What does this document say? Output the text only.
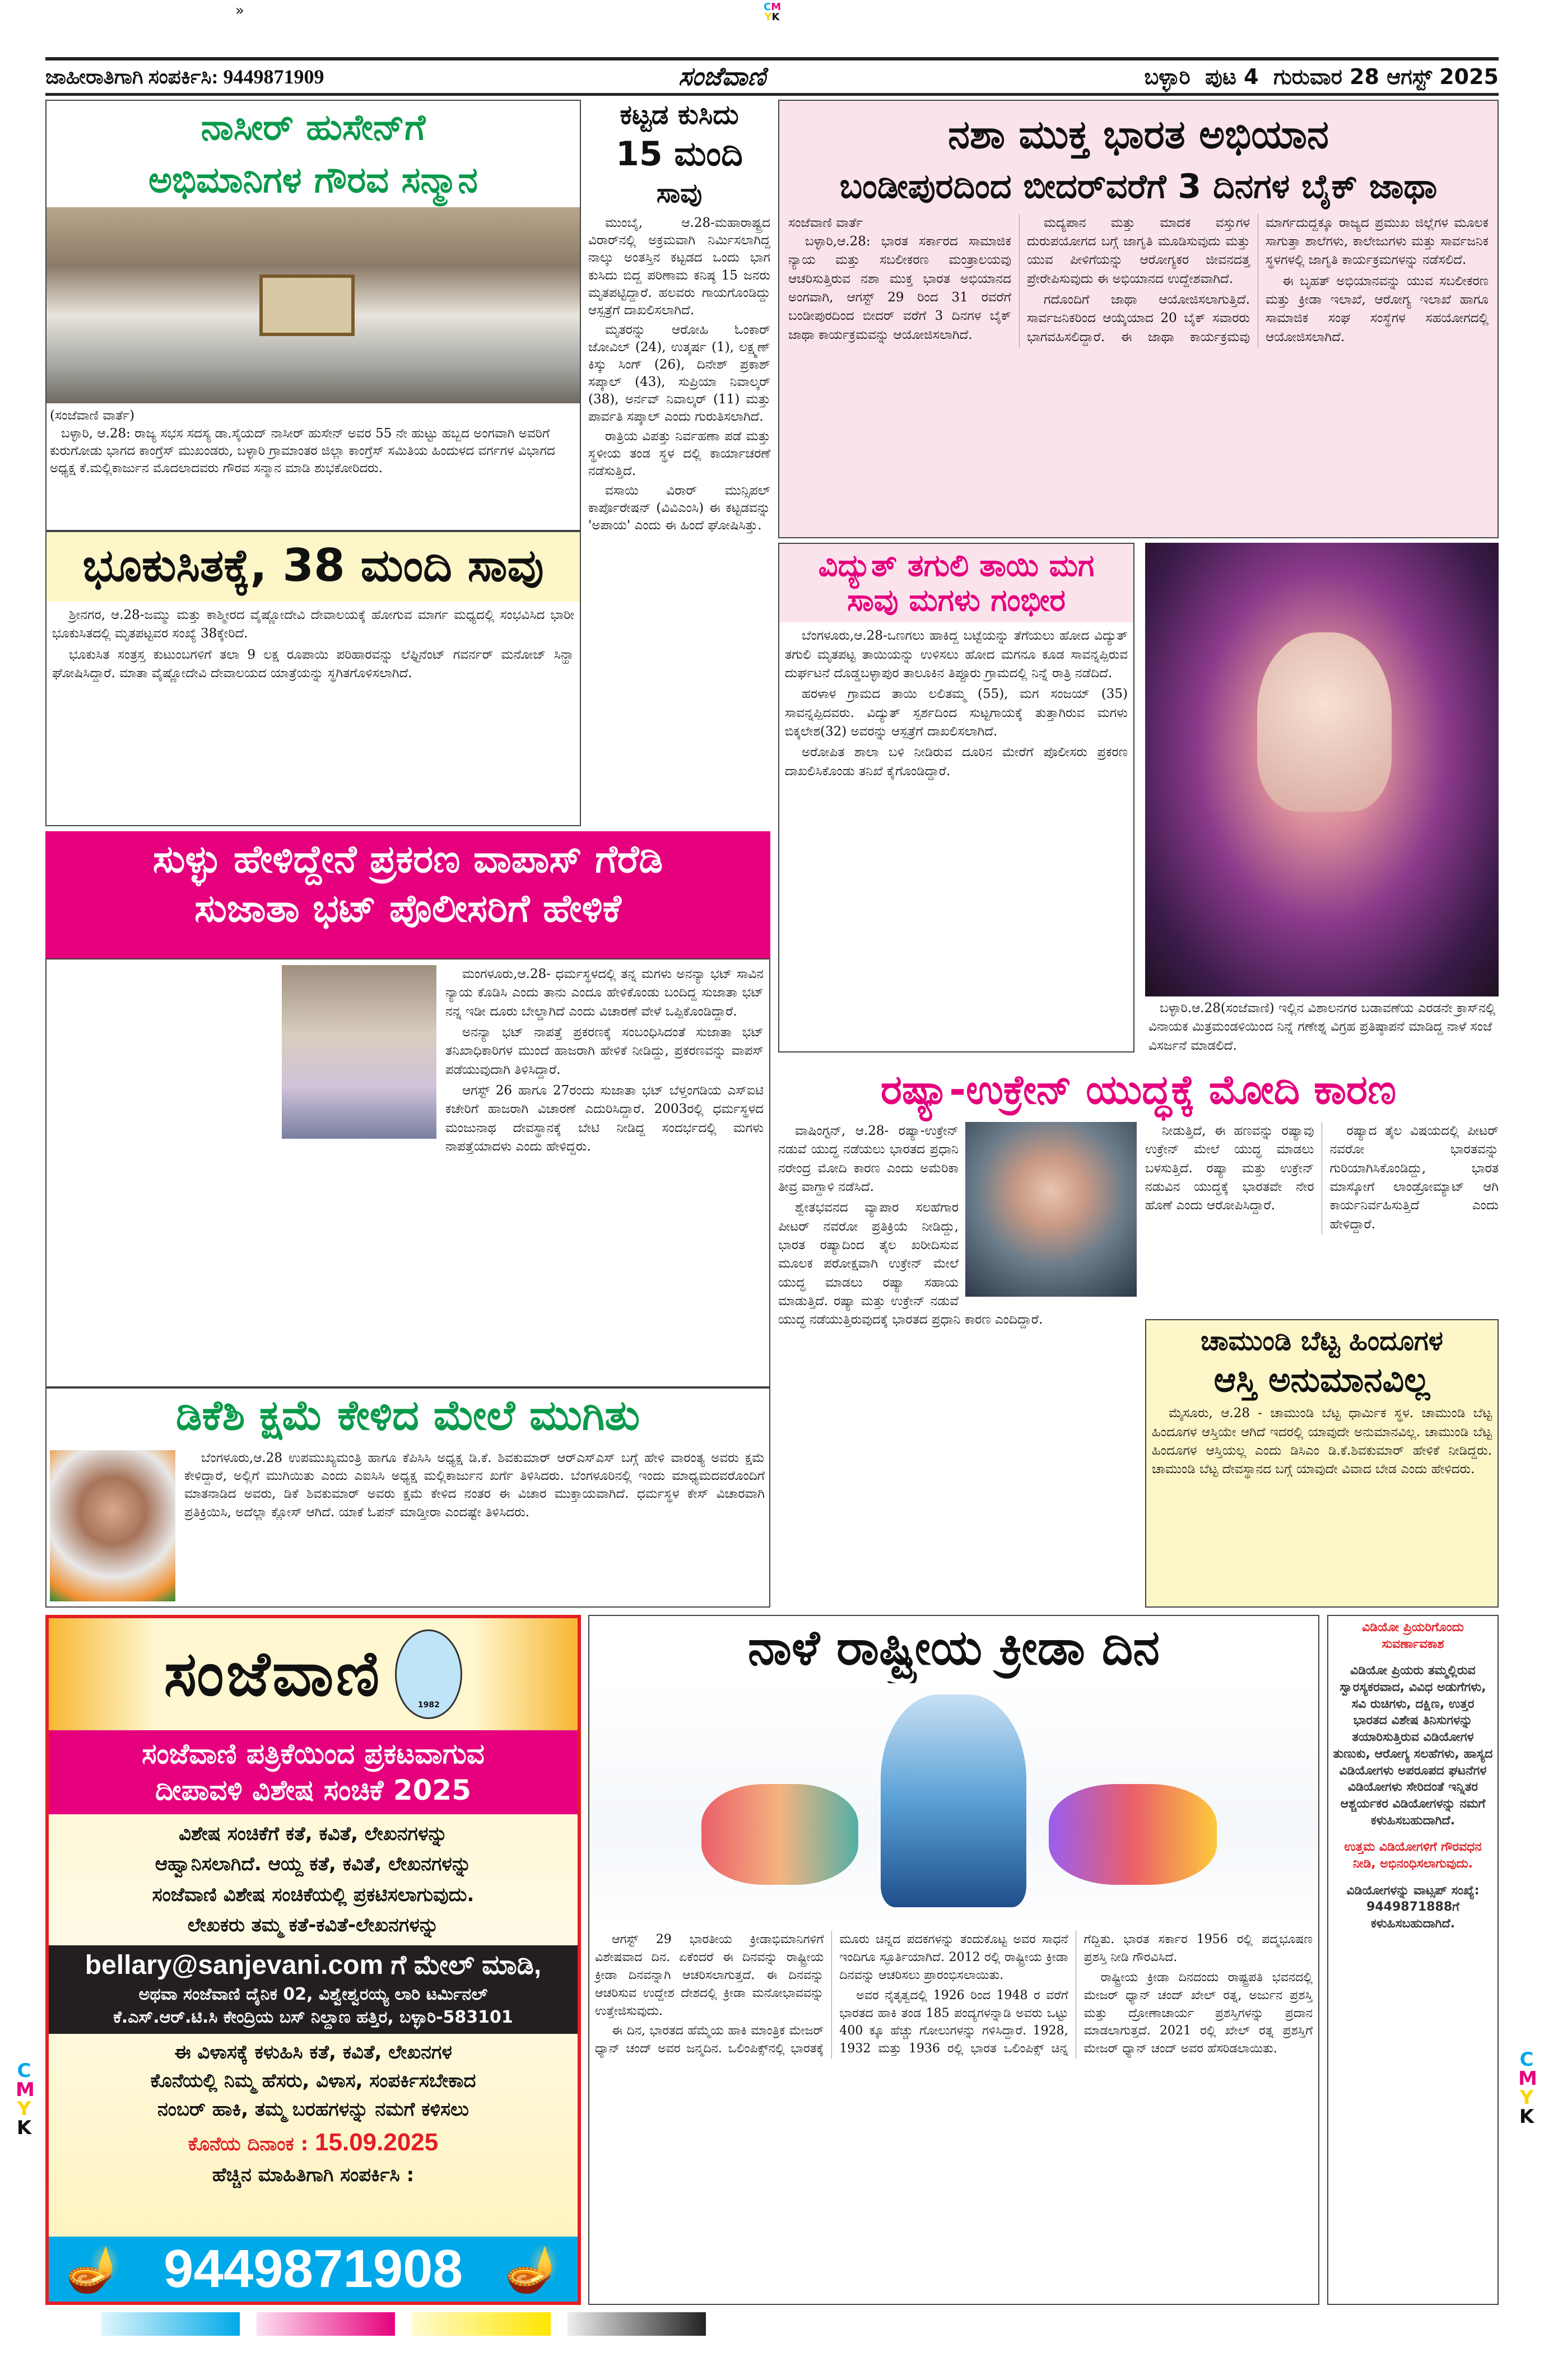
»	CM
YK
C
M
Y
K
C
M
Y
K
ಜಾಹೀರಾತಿಗಾಗಿ ಸಂಪರ್ಕಿಸಿ: 9449871909	ಸಂಜೆವಾಣಿ	ಬಳ್ಳಾರಿ ಪುಟ 4 ಗುರುವಾರ 28 ಆಗಸ್ಟ್ 2025
ನಾಸೀರ್ ಹುಸೇನ್‌ಗೆ
ಅಭಿಮಾನಿಗಳ ಗೌರವ ಸನ್ಮಾನ
(ಸಂಜೆವಾಣಿ ವಾರ್ತೆ)
ಬಳ್ಳಾರಿ, ಆ.28: ರಾಜ್ಯ ಸಭಸ ಸದಸ್ಯ ಡಾ.ಸೈಯದ್ ನಾಸೀರ್ ಹುಸೇನ್ ಅವರ 55 ನೇ ಹುಟ್ಟು ಹಬ್ಬದ ಅಂಗವಾಗಿ ಅವರಿಗೆ ಕುರುಗೋಡು ಭಾಗದ ಕಾಂಗ್ರೆಸ್ ಮುಖಂಡರು, ಬಳ್ಳಾರಿ ಗ್ರಾಮಾಂತರ ಜಿಲ್ಲಾ ಕಾಂಗ್ರೆಸ್ ಸಮಿತಿಯ ಹಿಂದುಳದ ವರ್ಗಗಳ ವಿಭಾಗದ ಅಧ್ಯಕ್ಷ ಕೆ.ಮಲ್ಲಿಕಾರ್ಜುನ ಮೊದಲಾದವರು ಗೌರವ ಸನ್ಮಾನ ಮಾಡಿ ಶುಭಕೋರಿದರು.
ಭೂಕುಸಿತಕ್ಕೆ, 38 ಮಂದಿ ಸಾವು

ಶ್ರೀನಗರ, ಆ.28-ಜಮ್ಮು ಮತ್ತು ಕಾಶ್ಮೀರದ ವೈಷ್ಣೋದೇವಿ ದೇವಾಲಯಕ್ಕೆ ಹೋಗುವ ಮಾರ್ಗ ಮಧ್ಯದಲ್ಲಿ ಸಂಭವಿಸಿದ ಭಾರೀ ಭೂಕುಸಿತದಲ್ಲಿ ಮೃತಪಟ್ಟವರ ಸಂಖ್ಯೆ 38ಕ್ಕೇರಿದೆ.

ಭೂಕುಸಿತ ಸಂತ್ರಸ್ತ ಕುಟುಂಬಗಳಿಗೆ ತಲಾ 9 ಲಕ್ಷ ರೂಪಾಯಿ ಪರಿಹಾರವನ್ನು ಲೆಫ್ಟಿನೆಂಟ್ ಗವರ್ನರ್ ಮನೋಜ್ ಸಿನ್ಹಾ ಘೋಷಿಸಿದ್ದಾರೆ. ಮಾತಾ ವೈಷ್ಣೋದೇವಿ ದೇವಾಲಯದ ಯಾತ್ರೆಯನ್ನು ಸ್ಥಗಿತಗೊಳಿಸಲಾಗಿದೆ.

ಕಟ್ಟಡ ಕುಸಿದು
15 ಮಂದಿ
ಸಾವು

ಮುಂಬೈ, ಆ.28-ಮಹಾರಾಷ್ಟ್ರದ ವಿರಾರ್‌ನಲ್ಲಿ ಅಕ್ರಮವಾಗಿ ನಿರ್ಮಿಸಲಾಗಿದ್ದ ನಾಲ್ಕು ಅಂತಸ್ತಿನ ಕಟ್ಟಡದ ಒಂದು ಭಾಗ ಕುಸಿದು ಬಿದ್ದ ಪರಿಣಾಮ ಕನಿಷ್ಠ 15 ಜನರು ಮೃತಪಟ್ಟಿದ್ದಾರೆ. ಹಲವರು ಗಾಯಗೊಂಡಿದ್ದು ಆಸ್ಪತ್ರೆಗೆ ದಾಖಲಿಸಲಾಗಿದೆ.

ಮೃತರನ್ನು ಆರೋಹಿ ಓಂಕಾರ್ ಜೋವಿಲ್ (24), ಉತ್ಕರ್ಷ (1), ಲಕ್ಷ್ಮಣ್ ಕಿಸ್ಕು ಸಿಂಗ್ (26), ದಿನೇಶ್ ಪ್ರಕಾಶ್ ಸಪ್ಕಾಲ್ (43), ಸುಪ್ರಿಯಾ ನಿವಾಲ್ಕರ್ (38), ಅರ್ನವ್ ನಿವಾಲ್ಕರ್ (11) ಮತ್ತು ಪಾರ್ವತಿ ಸಪ್ಕಾಲ್ ಎಂದು ಗುರುತಿಸಲಾಗಿದೆ.

ರಾತ್ರಿಯ ವಿಪತ್ತು ನಿರ್ವಹಣಾ ಪಡೆ ಮತ್ತು ಸ್ಥಳೀಯ ತಂಡ ಸ್ಥಳ ದಲ್ಲಿ ಕಾರ್ಯಾಚರಣೆ ನಡೆಸುತ್ತಿದೆ.

ವಸಾಯಿ ವಿರಾರ್ ಮುನ್ಸಿಪಲ್ ಕಾರ್ಪೊರೇಷನ್ (ವಿವಿಎಂಸಿ) ಈ ಕಟ್ಟಡವನ್ನು 'ಅಪಾಯ' ಎಂದು ಈ ಹಿಂದೆ ಘೋಷಿಸಿತ್ತು.

ನಶಾ ಮುಕ್ತ ಭಾರತ ಅಭಿಯಾನ
ಬಂಡೀಪುರದಿಂದ ಬೀದರ್‌ವರೆಗೆ 3 ದಿನಗಳ ಬೈಕ್ ಜಾಥಾ
ಸಂಜೆವಾಣಿ ವಾರ್ತೆ

ಬಳ್ಳಾರಿ,ಆ.28: ಭಾರತ ಸರ್ಕಾರದ ಸಾಮಾಜಿಕ ನ್ಯಾಯ ಮತ್ತು ಸಬಲೀಕರಣ ಮಂತ್ರಾಲಯವು ಆಚರಿಸುತ್ತಿರುವ ನಶಾ ಮುಕ್ತ ಭಾರತ ಅಭಿಯಾನದ ಅಂಗವಾಗಿ, ಆಗಸ್ಟ್ 29 ರಿಂದ 31 ರವರೆಗೆ ಬಂಡೀಪುರದಿಂದ ಬೀದರ್ ವರೆಗೆ 3 ದಿನಗಳ ಬೈಕ್ ಜಾಥಾ ಕಾರ್ಯಕ್ರಮವನ್ನು ಆಯೋಜಿಸಲಾಗಿದೆ.

ಮದ್ಯಪಾನ ಮತ್ತು ಮಾದಕ ವಸ್ತುಗಳ ದುರುಪಯೋಗದ ಬಗ್ಗೆ ಜಾಗೃತಿ ಮೂಡಿಸುವುದು ಮತ್ತು ಯುವ ಪೀಳಿಗೆಯನ್ನು ಆರೋಗ್ಯಕರ ಜೀವನದತ್ತ ಪ್ರೇರೇಪಿಸುವುದು ಈ ಅಭಿಯಾನದ ಉದ್ದೇಶವಾಗಿದೆ.

ಗದೊಂದಿಗೆ ಜಾಥಾ ಆಯೋಜಿಸಲಾಗುತ್ತಿದೆ. ಸಾರ್ವಜನಿಕರಿಂದ ಆಯ್ಕೆಯಾದ 20 ಬೈಕ್ ಸವಾರರು ಭಾಗವಹಿಸಲಿದ್ದಾರೆ. ಈ ಜಾಥಾ ಕಾರ್ಯಕ್ರಮವು ಮಾರ್ಗದುದ್ದಕ್ಕೂ ರಾಜ್ಯದ ಪ್ರಮುಖ ಜಿಲ್ಲೆಗಳ ಮೂಲಕ ಸಾಗುತ್ತಾ ಶಾಲೆಗಳು, ಕಾಲೇಜುಗಳು ಮತ್ತು ಸಾರ್ವಜನಿಕ ಸ್ಥಳಗಳಲ್ಲಿ ಜಾಗೃತಿ ಕಾರ್ಯಕ್ರಮಗಳನ್ನು ನಡೆಸಲಿದೆ.

ಈ ಬೃಹತ್ ಅಭಿಯಾನವನ್ನು ಯುವ ಸಬಲೀಕರಣ ಮತ್ತು ಕ್ರೀಡಾ ಇಲಾಖೆ, ಆರೋಗ್ಯ ಇಲಾಖೆ ಹಾಗೂ ಸಾಮಾಜಿಕ ಸಂಘ ಸಂಸ್ಥೆಗಳ ಸಹಯೋಗದಲ್ಲಿ ಆಯೋಜಿಸಲಾಗಿದೆ.

ವಿದ್ಯುತ್ ತಗುಲಿ ತಾಯಿ ಮಗ
ಸಾವು ಮಗಳು ಗಂಭೀರ

ಬೆಂಗಳೂರು,ಆ.28-ಒಣಗಲು ಹಾಕಿದ್ದ ಬಟ್ಟೆಯನ್ನು ತೆಗೆಯಲು ಹೋದ ವಿದ್ಯುತ್ ತಗುಲಿ ಮೃತಪಟ್ಟ ತಾಯಿಯನ್ನು ಉಳಿಸಲು ಹೋದ ಮಗನೂ ಕೂಡ ಸಾವನ್ನಪ್ಪಿರುವ ದುರ್ಘಟನೆ ದೊಡ್ಡಬಳ್ಳಾಪುರ ತಾಲೂಕಿನ ತಿಪ್ಪೂರು ಗ್ರಾಮದಲ್ಲಿ ನಿನ್ನೆ ರಾತ್ರಿ ನಡೆದಿದೆ.

ಹರಳಾಳ ಗ್ರಾಮದ ತಾಯಿ ಲಲಿತಮ್ಮ (55), ಮಗ ಸಂಜಯ್ (35) ಸಾವನ್ನಪ್ಪಿದವರು. ವಿದ್ಯುತ್ ಸ್ಪರ್ಶದಿಂದ ಸುಟ್ಟಗಾಯಕ್ಕೆ ತುತ್ತಾಗಿರುವ ಮಗಳು ಬಿಕ್ಕಲೇಶ(32) ಅವರನ್ನು ಆಸ್ಪತ್ರೆಗೆ ದಾಖಲಿಸಲಾಗಿದೆ.

ಅರೋಪಿತ ಶಾಲಾ ಬಳಿ ನೀಡಿರುವ ದೂರಿನ ಮೇರೆಗೆ ಪೊಲೀಸರು ಪ್ರಕರಣ ದಾಖಲಿಸಿಕೊಂಡು ತನಿಖೆ ಕೈಗೊಂಡಿದ್ದಾರೆ.

ಬಳ್ಳಾರಿ.ಆ.28(ಸಂಜೆವಾಣಿ) ಇಲ್ಲಿನ ವಿಶಾಲನಗರ ಬಡಾವಣೆಯ ಎರಡನೇ ಕ್ರಾಸ್‌ನಲ್ಲಿ ವಿನಾಯಕ ಮಿತ್ರಮಂಡಳಿಯಿಂದ ನಿನ್ನೆ ಗಣೇಶ್ನ ವಿಗ್ರಹ ಪ್ರತಿಷ್ಠಾಪನೆ ಮಾಡಿದ್ದ ನಾಳೆ ಸಂಜೆ ವಿಸರ್ಜನೆ ಮಾಡಲಿದೆ.
ಸುಳ್ಳು ಹೇಳಿದ್ದೇನೆ ಪ್ರಕರಣ ವಾಪಾಸ್ ಗೆರೆಡಿ
ಸುಜಾತಾ ಭಟ್ ಪೊಲೀಸರಿಗೆ ಹೇಳಿಕೆ

ಮಂಗಳೂರು,ಆ.28- ಧರ್ಮಸ್ಥಳದಲ್ಲಿ ತನ್ನ ಮಗಳು ಅನನ್ಯಾ ಭಟ್ ಸಾವಿನ ನ್ಯಾಯ ಕೊಡಿಸಿ ಎಂದು ತಾನು ಎಂದೂ ಹೇಳಿಕೊಂಡು ಬಂದಿದ್ದ ಸುಜಾತಾ ಭಟ್ ನನ್ನ ಇಡೀ ದೂರು ಬೇಲ್ಡಾಗಿದೆ ಎಂದು ವಿಚಾರಣೆ ವೇಳೆ ಒಪ್ಪಿಕೊಂಡಿದ್ದಾರೆ.

ಅನನ್ಯಾ ಭಟ್ ನಾಪತ್ತೆ ಪ್ರಕರಣಕ್ಕೆ ಸಂಬಂಧಿಸಿದಂತೆ ಸುಜಾತಾ ಭಟ್ ತನಿಖಾಧಿಕಾರಿಗಳ ಮುಂದೆ ಹಾಜರಾಗಿ ಹೇಳಿಕೆ ನೀಡಿದ್ದು, ಪ್ರಕರಣವನ್ನು ವಾಪಸ್ ಪಡೆಯುವುದಾಗಿ ತಿಳಿಸಿದ್ದಾರೆ.

ಆಗಸ್ಟ್ 26 ಹಾಗೂ 27ರಂದು ಸುಜಾತಾ ಭಟ್ ಬೆಳ್ತಂಗಡಿಯ ಎಸ್‌ಐಟಿ ಕಚೇರಿಗೆ ಹಾಜರಾಗಿ ವಿಚಾರಣೆ ಎದುರಿಸಿದ್ದಾರೆ. 2003ರಲ್ಲಿ ಧರ್ಮಸ್ಥಳದ ಮಂಜುನಾಥ ದೇವಸ್ಥಾನಕ್ಕೆ ಬೇಟಿ ನೀಡಿದ್ದ ಸಂದರ್ಭದಲ್ಲಿ ಮಗಳು ನಾಪತ್ತೆಯಾದಳು ಎಂದು ಹೇಳಿದ್ದರು.

ರಷ್ಯಾ-ಉಕ್ರೇನ್ ಯುದ್ಧಕ್ಕೆ ಮೋದಿ ಕಾರಣ

ವಾಷಿಂಗ್ಟನ್, ಆ.28- ರಷ್ಯಾ-ಉಕ್ರೇನ್ ನಡುವೆ ಯುದ್ಧ ನಡೆಯಲು ಭಾರತದ ಪ್ರಧಾನಿ ನರೇಂದ್ರ ಮೋದಿ ಕಾರಣ ಎಂದು ಅಮೆರಿಕಾ ತೀವ್ರ ವಾಗ್ದಾಳಿ ನಡೆಸಿದೆ.

ಶ್ವೇತಭವನದ ವ್ಯಾಪಾರ ಸಲಹೆಗಾರ ಪೀಟರ್ ನವರೋ ಪ್ರತಿಕ್ರಿಯೆ ನೀಡಿದ್ದು, ಭಾರತ ರಷ್ಯಾದಿಂದ ತೈಲ ಖರೀದಿಸುವ ಮೂಲಕ ಪರೋಕ್ಷವಾಗಿ ಉಕ್ರೇನ್ ಮೇಲೆ ಯುದ್ಧ ಮಾಡಲು ರಷ್ಯಾ ಸಹಾಯ ಮಾಡುತ್ತಿದೆ. ರಷ್ಯಾ ಮತ್ತು ಉಕ್ರೇನ್ ನಡುವೆ ಯುದ್ಧ ನಡೆಯುತ್ತಿರುವುದಕ್ಕೆ ಭಾರತದ ಪ್ರಧಾನಿ ಕಾರಣ ಎಂದಿದ್ದಾರೆ.

ನೀಡುತ್ತಿದೆ, ಈ ಹಣವನ್ನು ರಷ್ಯಾವು ಉಕ್ರೇನ್ ಮೇಲೆ ಯುದ್ಧ ಮಾಡಲು ಬಳಸುತ್ತಿದೆ. ರಷ್ಯಾ ಮತ್ತು ಉಕ್ರೇನ್ ನಡುವಿನ ಯುದ್ಧಕ್ಕೆ ಭಾರತವೇ ನೇರ ಹೊಣೆ ಎಂದು ಆರೋಪಿಸಿದ್ದಾರೆ.

ರಷ್ಯಾದ ತೈಲ ವಿಷಯದಲ್ಲಿ ಪೀಟರ್ ನವರೋ ಭಾರತವನ್ನು ಗುರಿಯಾಗಿಸಿಕೊಂಡಿದ್ದು, ಭಾರತ ಮಾಸ್ಕೋಗೆ ಲಾಂಡ್ರೋಮ್ಯಾಟ್ ಆಗಿ ಕಾರ್ಯನಿರ್ವಹಿಸುತ್ತಿದೆ ಎಂದು ಹೇಳಿದ್ದಾರೆ.

ಚಾಮುಂಡಿ ಬೆಟ್ಟ ಹಿಂದೂಗಳ
ಆಸ್ತಿ ಅನುಮಾನವಿಲ್ಲ

ಮೈಸೂರು, ಆ.28 - ಚಾಮುಂಡಿ ಬೆಟ್ಟ ಧಾರ್ಮಿಕ ಸ್ಥಳ. ಚಾಮುಂಡಿ ಬೆಟ್ಟ ಹಿಂದೂಗಳ ಆಸ್ತಿಯೇ ಆಗಿದೆ ಇದರಲ್ಲಿ ಯಾವುದೇ ಅನುಮಾನವಿಲ್ಲ. ಚಾಮುಂಡಿ ಬೆಟ್ಟ ಹಿಂದೂಗಳ ಆಸ್ತಿಯಲ್ಲ ಎಂದು ಡಿಸಿಎಂ ಡಿ.ಕೆ.ಶಿವಕುಮಾರ್ ಹೇಳಿಕೆ ನೀಡಿದ್ದರು. ಚಾಮುಂಡಿ ಬೆಟ್ಟ ದೇವಸ್ಥಾನದ ಬಗ್ಗೆ ಯಾವುದೇ ವಿವಾದ ಬೇಡ ಎಂದು ಹೇಳಿದರು.

ಡಿಕೆಶಿ ಕ್ಷಮೆ ಕೇಳಿದ ಮೇಲೆ ಮುಗಿತು

ಬೆಂಗಳೂರು,ಆ.28 ಉಪಮುಖ್ಯಮಂತ್ರಿ ಹಾಗೂ ಕೆಪಿಸಿಸಿ ಅಧ್ಯಕ್ಷ ಡಿ.ಕೆ. ಶಿವಕುಮಾರ್ ಆರ್‌ಎಸ್‌ಎಸ್ ಬಗ್ಗೆ ಹೇಳಿ ವಾರಂತ್ಯ ಅವರು ಕ್ಷಮೆ ಕೇಳಿದ್ದಾರೆ, ಅಲ್ಲಿಗೆ ಮುಗಿಯಿತು ಎಂದು ಎಐಸಿಸಿ ಅಧ್ಯಕ್ಷ ಮಲ್ಲಿಕಾರ್ಜುನ ಖರ್ಗೆ ತಿಳಿಸಿದರು. ಬೆಂಗಳೂರಿನಲ್ಲಿ ಇಂದು ಮಾಧ್ಯಮದವರೊಂದಿಗೆ ಮಾತನಾಡಿದ ಅವರು, ಡಿಕೆ ಶಿವಕುಮಾರ್ ಅವರು ಕ್ಷಮೆ ಕೇಳಿದ ನಂತರ ಈ ವಿಚಾರ ಮುಕ್ತಾಯವಾಗಿದೆ. ಧರ್ಮಸ್ಥಳ ಕೇಸ್ ವಿಚಾರವಾಗಿ ಪ್ರತಿಕ್ರಿಯಿಸಿ, ಅದೆಲ್ಲಾ ಕ್ಲೋಸ್ ಆಗಿದೆ. ಯಾಕೆ ಓಪನ್ ಮಾಡ್ತೀರಾ ಎಂದಷ್ಟೇ ತಿಳಿಸಿದರು.

ಸಂಜೆವಾಣಿ	1982
ಸಂಜೆವಾಣಿ ಪತ್ರಿಕೆಯಿಂದ ಪ್ರಕಟವಾಗುವ
ದೀಪಾವಳಿ ವಿಶೇಷ ಸಂಚಿಕೆ 2025
ವಿಶೇಷ ಸಂಚಿಕೆಗೆ ಕತೆ, ಕವಿತೆ, ಲೇಖನಗಳನ್ನು
ಆಹ್ವಾನಿಸಲಾಗಿದೆ. ಆಯ್ದ ಕತೆ, ಕವಿತೆ, ಲೇಖನಗಳನ್ನು
ಸಂಜೆವಾಣಿ ವಿಶೇಷ ಸಂಚಿಕೆಯಲ್ಲಿ ಪ್ರಕಟಿಸಲಾಗುವುದು.
ಲೇಖಕರು ತಮ್ಮ ಕತೆ-ಕವಿತೆ-ಲೇಖನಗಳನ್ನು
bellary@sanjevani.com ಗೆ ಮೇಲ್ ಮಾಡಿ,
ಅಥವಾ ಸಂಜೆವಾಣಿ ದೈನಿಕ 02, ವಿಶ್ವೇಶ್ವರಯ್ಯ ಲಾರಿ ಟರ್ಮಿನಲ್
ಕೆ.ಎಸ್.ಆರ್.ಟಿ.ಸಿ ಕೇಂದ್ರಿಯ ಬಸ್ ನಿಲ್ದಾಣ ಹತ್ತಿರ, ಬಳ್ಳಾರಿ-583101
ಈ ವಿಳಾಸಕ್ಕೆ ಕಳುಹಿಸಿ ಕತೆ, ಕವಿತೆ, ಲೇಖನಗಳ
ಕೊನೆಯಲ್ಲಿ ನಿಮ್ಮ ಹೆಸರು, ವಿಳಾಸ, ಸಂಪರ್ಕಿಸಬೇಕಾದ
ನಂಬರ್ ಹಾಕಿ, ತಮ್ಮ ಬರಹಗಳನ್ನು ನಮಗೆ ಕಳಿಸಲು
ಕೊನೆಯ ದಿನಾಂಕ : 15.09.2025
ಹೆಚ್ಚಿನ ಮಾಹಿತಿಗಾಗಿ ಸಂಪರ್ಕಿಸಿ :
🪔 9449871908 🪔
ನಾಳೆ ರಾಷ್ಟ್ರೀಯ ಕ್ರೀಡಾ ದಿನ

ಆಗಸ್ಟ್ 29 ಭಾರತೀಯ ಕ್ರೀಡಾಭಿಮಾನಿಗಳಿಗೆ ವಿಶೇಷವಾದ ದಿನ. ಏಕೆಂದರೆ ಈ ದಿನವನ್ನು ರಾಷ್ಟ್ರೀಯ ಕ್ರೀಡಾ ದಿನವನ್ನಾಗಿ ಆಚರಿಸಲಾಗುತ್ತದೆ. ಈ ದಿನವನ್ನು ಆಚರಿಸುವ ಉದ್ದೇಶ ದೇಶದಲ್ಲಿ ಕ್ರೀಡಾ ಮನೋಭಾವವನ್ನು ಉತ್ತೇಜಿಸುವುದು.

ಈ ದಿನ, ಭಾರತದ ಹೆಮ್ಮೆಯ ಹಾಕಿ ಮಾಂತ್ರಿಕ ಮೇಜರ್ ಧ್ಯಾನ್ ಚಂದ್ ಅವರ ಜನ್ಮದಿನ. ಒಲಿಂಪಿಕ್ಸ್‌ನಲ್ಲಿ ಭಾರತಕ್ಕೆ ಮೂರು ಚಿನ್ನದ ಪದಕಗಳನ್ನು ತಂದುಕೊಟ್ಟ ಅವರ ಸಾಧನೆ ಇಂದಿಗೂ ಸ್ಫೂರ್ತಿಯಾಗಿದೆ. 2012 ರಲ್ಲಿ ರಾಷ್ಟ್ರೀಯ ಕ್ರೀಡಾ ದಿನವನ್ನು ಆಚರಿಸಲು ಪ್ರಾರಂಭಿಸಲಾಯಿತು.

ಅವರ ನೈತೃತ್ವದಲ್ಲಿ 1926 ರಿಂದ 1948 ರ ವರೆಗೆ ಭಾರತದ ಹಾಕಿ ತಂಡ 185 ಪಂದ್ಯಗಳನ್ನಾಡಿ ಅವರು ಒಟ್ಟು 400 ಕ್ಕೂ ಹೆಚ್ಚು ಗೋಲುಗಳನ್ನು ಗಳಿಸಿದ್ದಾರೆ. 1928, 1932 ಮತ್ತು 1936 ರಲ್ಲಿ ಭಾರತ ಒಲಿಂಪಿಕ್ಸ್ ಚಿನ್ನ ಗೆದ್ದಿತು. ಭಾರತ ಸರ್ಕಾರ 1956 ರಲ್ಲಿ ಪದ್ಮಭೂಷಣ ಪ್ರಶಸ್ತಿ ನೀಡಿ ಗೌರವಿಸಿದೆ.

ರಾಷ್ಟ್ರೀಯ ಕ್ರೀಡಾ ದಿನದಂದು ರಾಷ್ಟ್ರಪತಿ ಭವನದಲ್ಲಿ ಮೇಜರ್ ಧ್ಯಾನ್ ಚಂದ್ ಖೇಲ್ ರತ್ನ, ಅರ್ಜುನ ಪ್ರಶಸ್ತಿ ಮತ್ತು ದ್ರೋಣಾಚಾರ್ಯ ಪ್ರಶಸ್ತಿಗಳನ್ನು ಪ್ರದಾನ ಮಾಡಲಾಗುತ್ತದೆ. 2021 ರಲ್ಲಿ ಖೇಲ್ ರತ್ನ ಪ್ರಶಸ್ತಿಗೆ ಮೇಜರ್ ಧ್ಯಾನ್ ಚಂದ್ ಅವರ ಹೆಸರಿಡಲಾಯಿತು.

ವಿಡಿಯೋ ಪ್ರಿಯರಿಗೊಂದು ಸುವರ್ಣಾವಕಾಶ
ವಿಡಿಯೋ ಪ್ರಿಯರು ತಮ್ಮಲ್ಲಿರುವ ಸ್ವಾರಸ್ಯಕರವಾದ, ವಿವಿಧ ಅಡುಗೆಗಳು, ಸವಿ ರುಚಿಗಳು, ದಕ್ಷಿಣ, ಉತ್ತರ ಭಾರತದ ವಿಶೇಷ ತಿನಿಸುಗಳನ್ನು ತಯಾರಿಸುತ್ತಿರುವ ವಿಡಿಯೋಗಳ ತುಣುಕು, ಆರೋಗ್ಯ ಸಲಹೆಗಳು, ಹಾಸ್ಯದ ವಿಡಿಯೋಗಳು ಅಪರೂಪದ ಘಟನೆಗಳ ವಿಡಿಯೋಗಳು ಸೇರಿದಂತೆ ಇನ್ನಿತರ ಆಶ್ಚರ್ಯಕರ ವಿಡಿಯೋಗಳನ್ನು ನಮಗೆ ಕಳುಹಿಸಬಹುದಾಗಿದೆ.
ಉತ್ತಮ ವಿಡಿಯೋಗಳಿಗೆ ಗೌರವಧನ ನೀಡಿ, ಅಭಿನಂಧಿಸಲಾಗುವುದು.
ವಿಡಿಯೋಗಳನ್ನು ವಾಟ್ಸಪ್ ಸಂಖ್ಯೆ: 9449871888ಗೆ ಕಳುಹಿಸಬಹುದಾಗಿದೆ.
